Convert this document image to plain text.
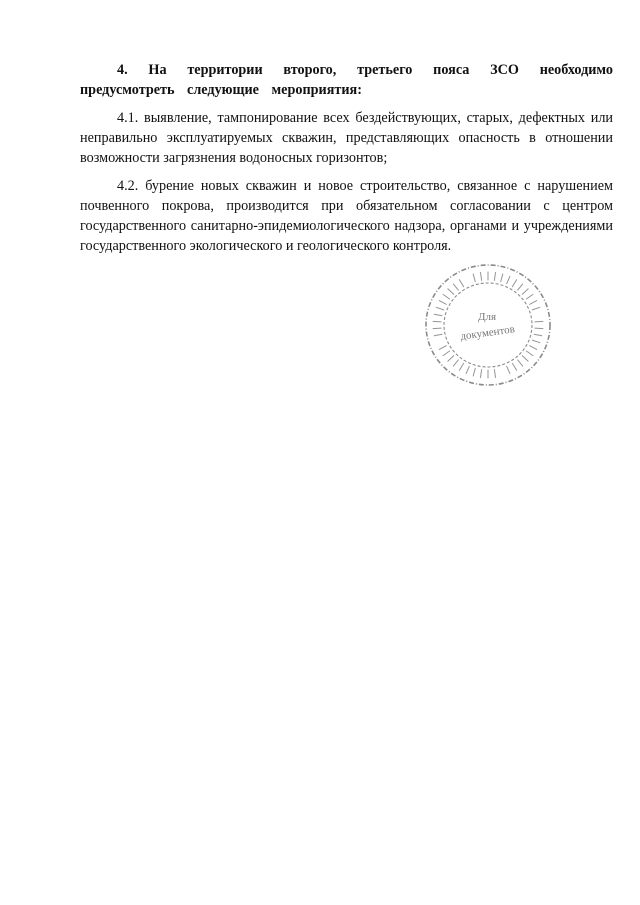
4. На территории второго, третьего пояса ЗСО необходимо предусмотреть следующие мероприятия:

4.1. выявление, тампонирование всех бездействующих, старых, дефектных или неправильно эксплуатируемых скважин, представляющих опасность в отношении возможности загрязнения водоносных горизонтов;

4.2. бурение новых скважин и новое строительство, связанное с нарушением почвенного покрова, производится при обязательном согласовании с центром государственного санитарно-эпидемиологического надзора, органами и учреждениями государственного экологического и геологического контроля.

Для
документов
